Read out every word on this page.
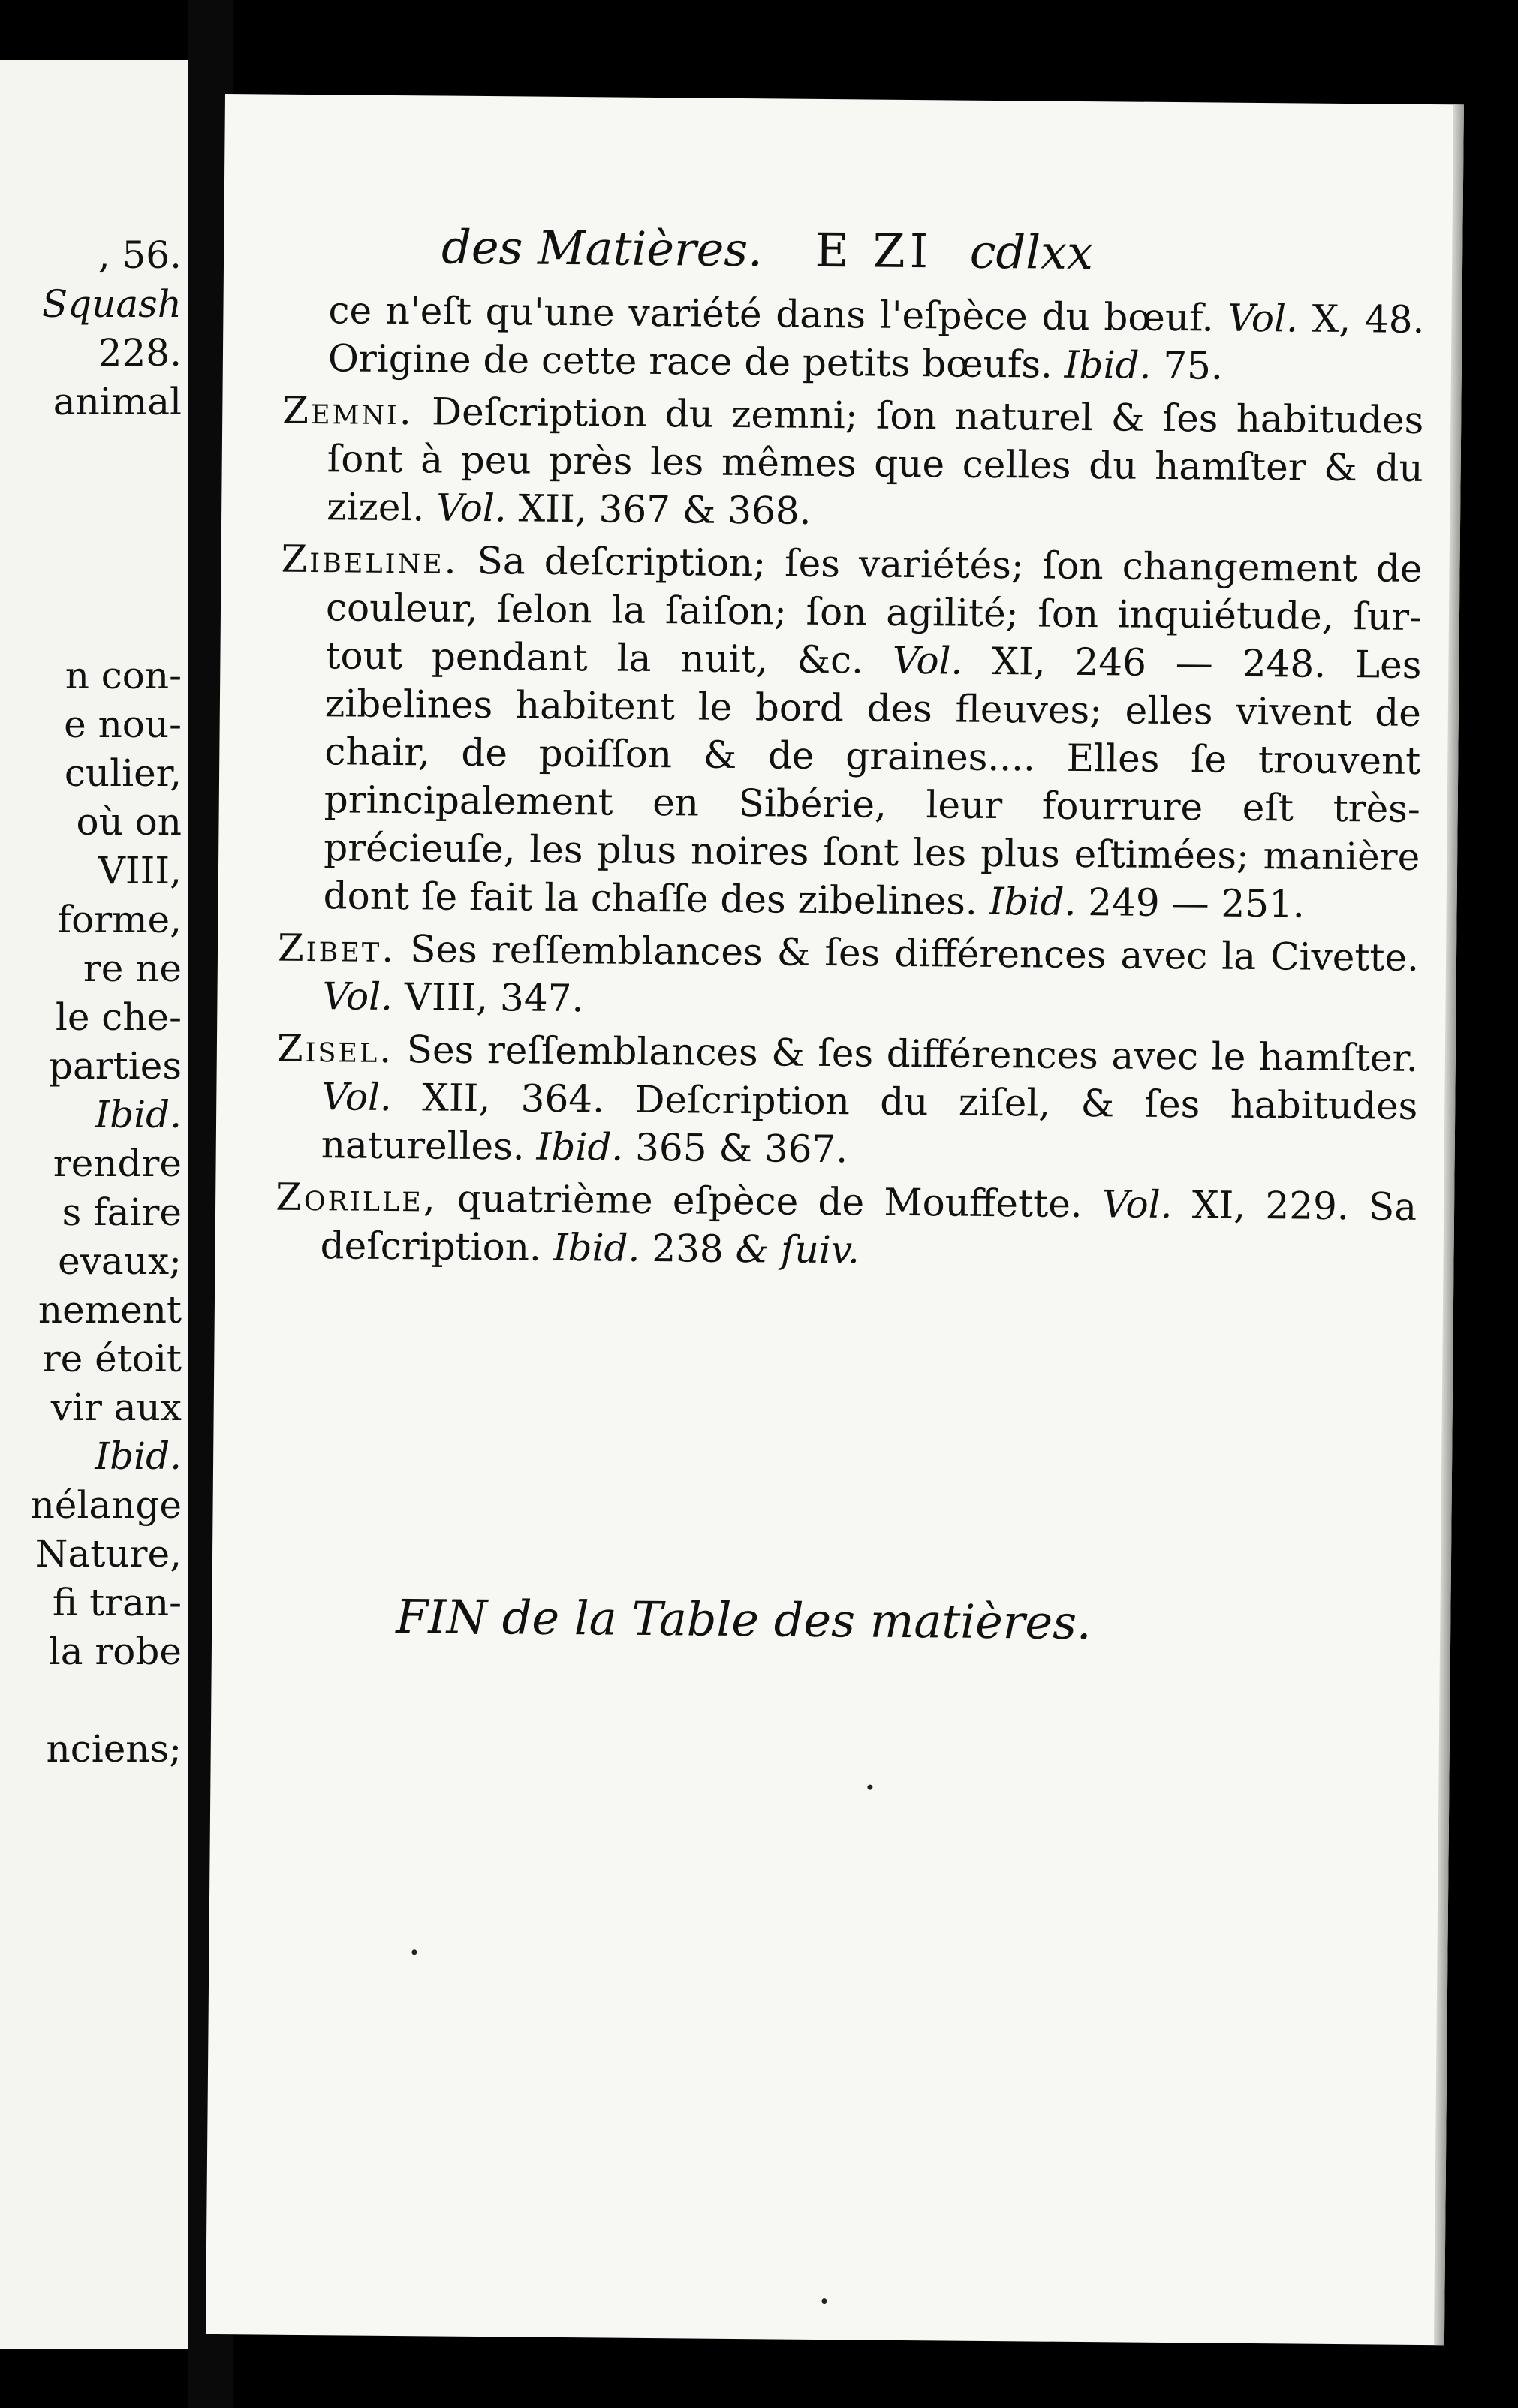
, 56.
Squash
228.
animal
n con-
e nou-
culier,
où on
VIII,
forme,
re ne
le che-
parties
Ibid.
rendre
s faire
evaux;
nement
re étoit
vir aux
Ibid.
nélange
Nature,
fi tran-
la robe
nciens;
des Matières. E ZI cdlxx

ce n'eſt qu'une variété dans l'eſpèce du bœuf. Vol. X, 48. Origine de cette race de petits bœufs. Ibid. 75.

Zemni. Deſcription du zemni; ſon naturel & ſes habitudes ſont à peu près les mêmes que celles du hamſter & du zizel. Vol. XII, 367 & 368.

Zibeline. Sa deſcription; ſes variétés; ſon changement de couleur, ſelon la ſaiſon; ſon agilité; ſon inquiétude, ſur-tout pendant la nuit, &c. Vol. XI, 246 — 248. Les zibelines habitent le bord des fleuves; elles vivent de chair, de poiſſon & de graines.... Elles ſe trouvent principalement en Sibérie, leur fourrure eſt très-précieuſe, les plus noires ſont les plus eſtimées; manière dont ſe fait la chaſſe des zibelines. Ibid. 249 — 251.

Zibet. Ses reſſemblances & ſes différences avec la Civette. Vol. VIII, 347.

Zisel. Ses reſſemblances & ſes différences avec le hamſter. Vol. XII, 364. Deſcription du ziſel, & ſes habitudes naturelles. Ibid. 365 & 367.

Zorille, quatrième eſpèce de Mouffette. Vol. XI, 229. Sa deſcription. Ibid. 238 & ſuiv.

FIN de la Table des matières.
